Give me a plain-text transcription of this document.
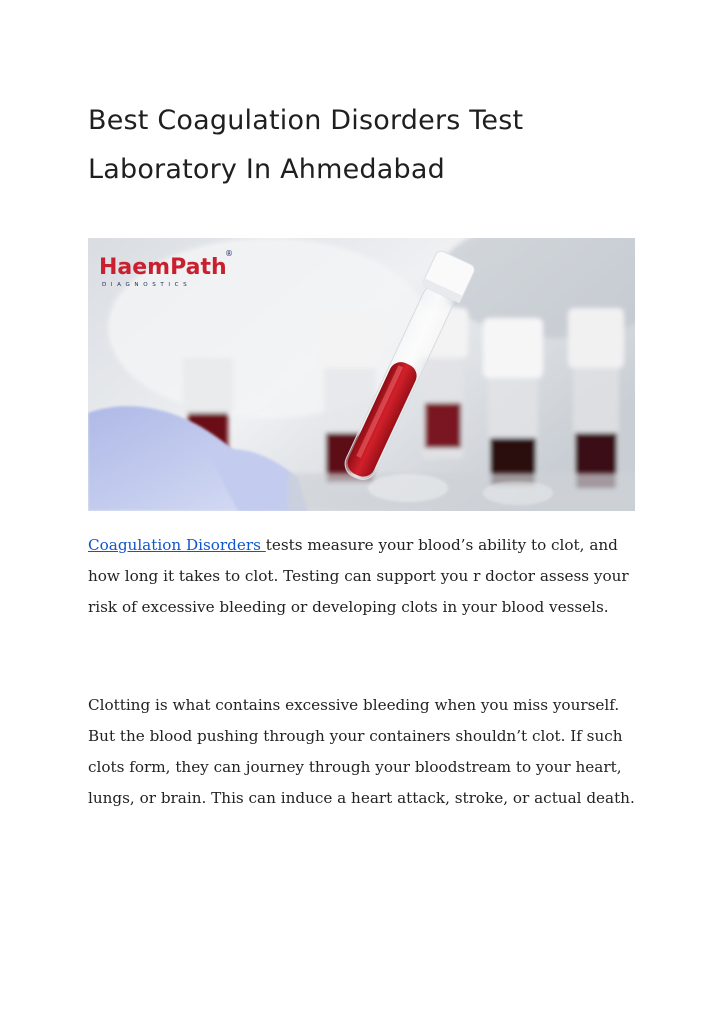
Best Coagulation Disorders Test Laboratory In Ahmedabad
HaemPath
DIAGNOSTICS
®

Coagulation Disorders tests measure your blood’s ability to clot, and how long it takes to clot. Testing can support you r doctor assess your risk of excessive bleeding or developing clots in your blood vessels.

Clotting is what contains excessive bleeding when you miss yourself. But the blood pushing through your containers shouldn’t clot. If such clots form, they can journey through your bloodstream to your heart, lungs, or brain. This can induce a heart attack, stroke, or actual death.
